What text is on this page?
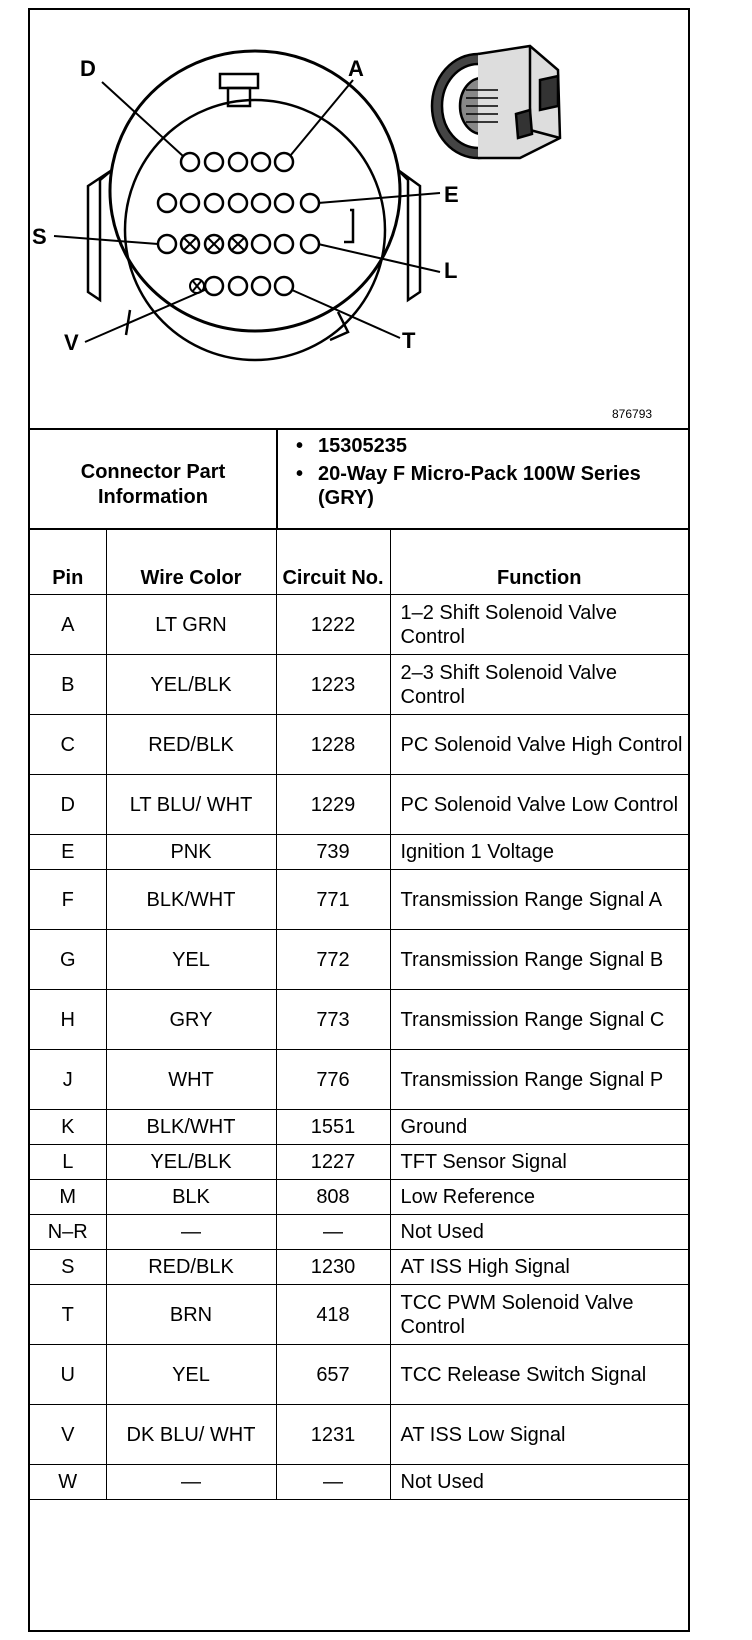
D	A
E
S
L
V	T
876793
Connector Part Information
• 15305235
• 20-Way F Micro-Pack 100W Series (GRY)
Pin	Wire Color	Circuit No.	Function
A	LT GRN	1222	1–2 Shift Solenoid Valve Control
B	YEL/BLK	1223	2–3 Shift Solenoid Valve Control
C	RED/BLK	1228	PC Solenoid Valve High Control
D	LT BLU/ WHT	1229	PC Solenoid Valve Low Control
E	PNK	739	Ignition 1 Voltage
F	BLK/WHT	771	Transmission Range Signal A
G	YEL	772	Transmission Range Signal B
H	GRY	773	Transmission Range Signal C
J	WHT	776	Transmission Range Signal P
K	BLK/WHT	1551	Ground
L	YEL/BLK	1227	TFT Sensor Signal
M	BLK	808	Low Reference
N–R	—	—	Not Used
S	RED/BLK	1230	AT ISS High Signal
T	BRN	418	TCC PWM Solenoid Valve Control
U	YEL	657	TCC Release Switch Signal
V	DK BLU/ WHT	1231	AT ISS Low Signal
W	—	—	Not Used
